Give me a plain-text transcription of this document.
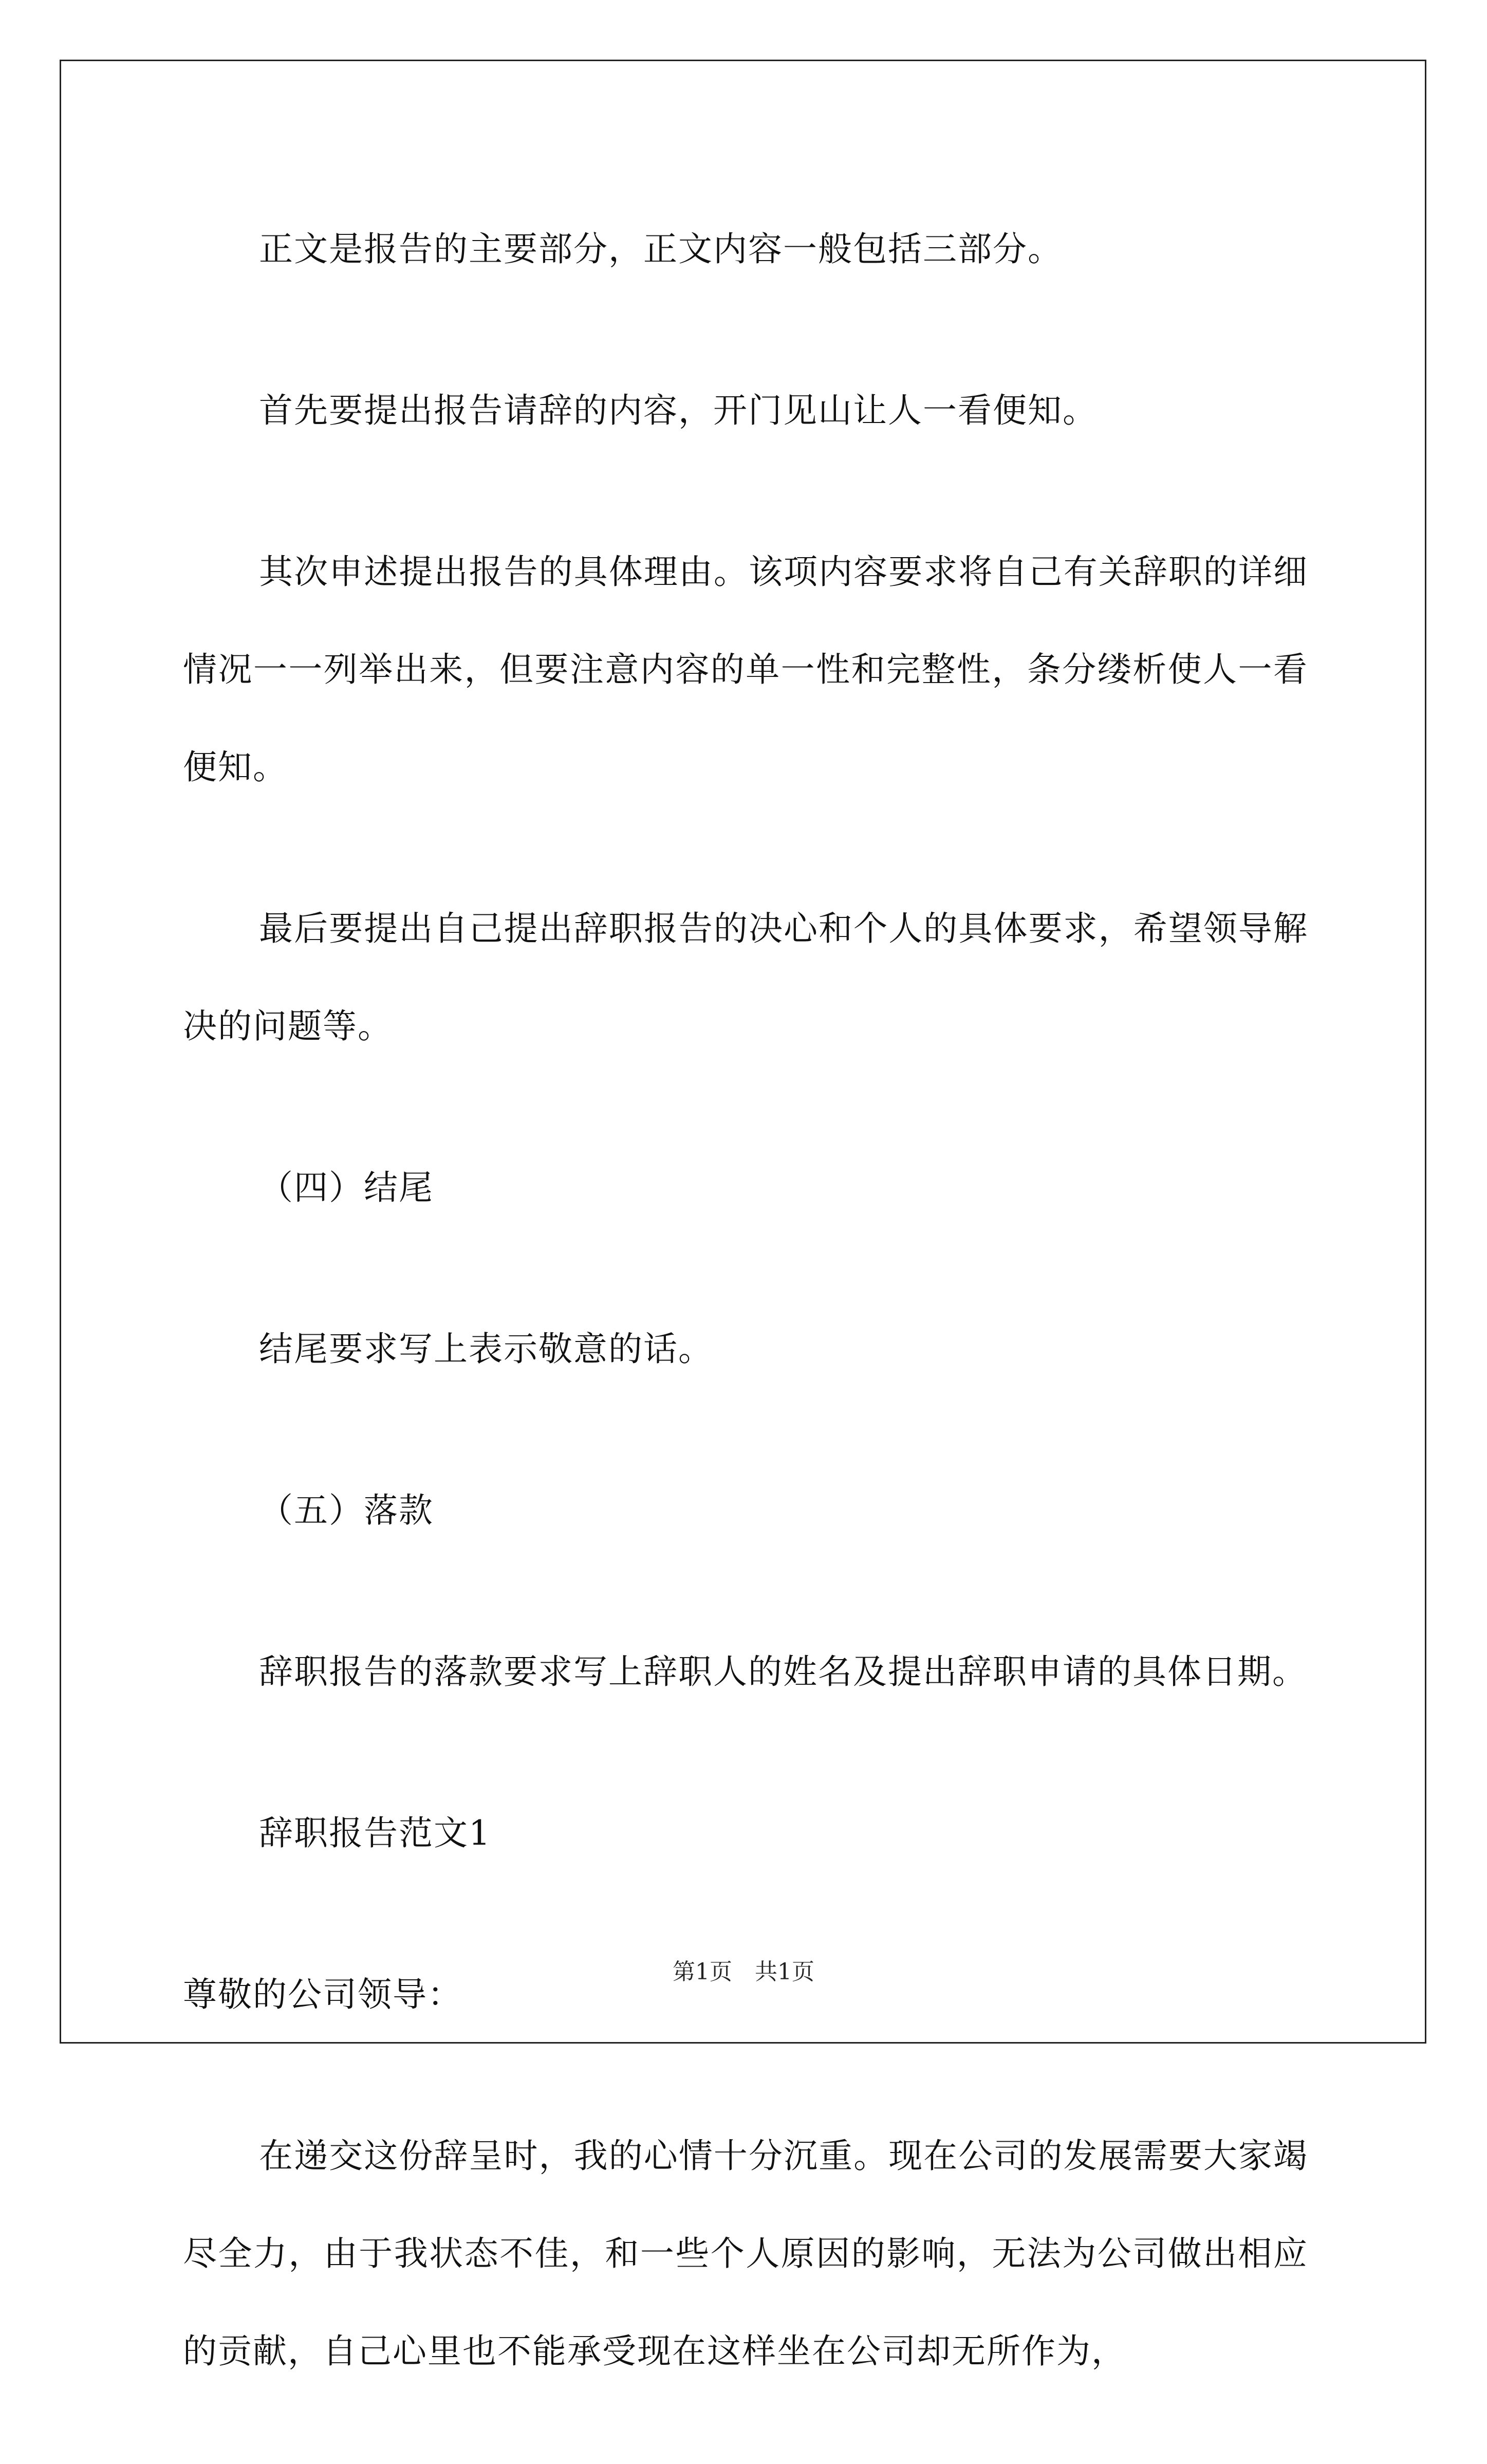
正文是报告的主要部分，正文内容一般包括三部分。

首先要提出报告请辞的内容，开门见山让人一看便知。

其次申述提出报告的具体理由。该项内容要求将自己有关辞职的详细情况一一列举出来，但要注意内容的单一性和完整性，条分缕析使人一看便知。

最后要提出自己提出辞职报告的决心和个人的具体要求，希望领导解决的问题等。

（四）结尾

结尾要求写上表示敬意的话。

（五）落款

辞职报告的落款要求写上辞职人的姓名及提出辞职申请的具体日期。

辞职报告范文1

尊敬的公司领导：

在递交这份辞呈时，我的心情十分沉重。现在公司的发展需要大家竭尽全力，由于我状态不佳，和一些个人原因的影响，无法为公司做出相应的贡献，自己心里也不能承受现在这样坐在公司却无所作为，

第1页　共1页
